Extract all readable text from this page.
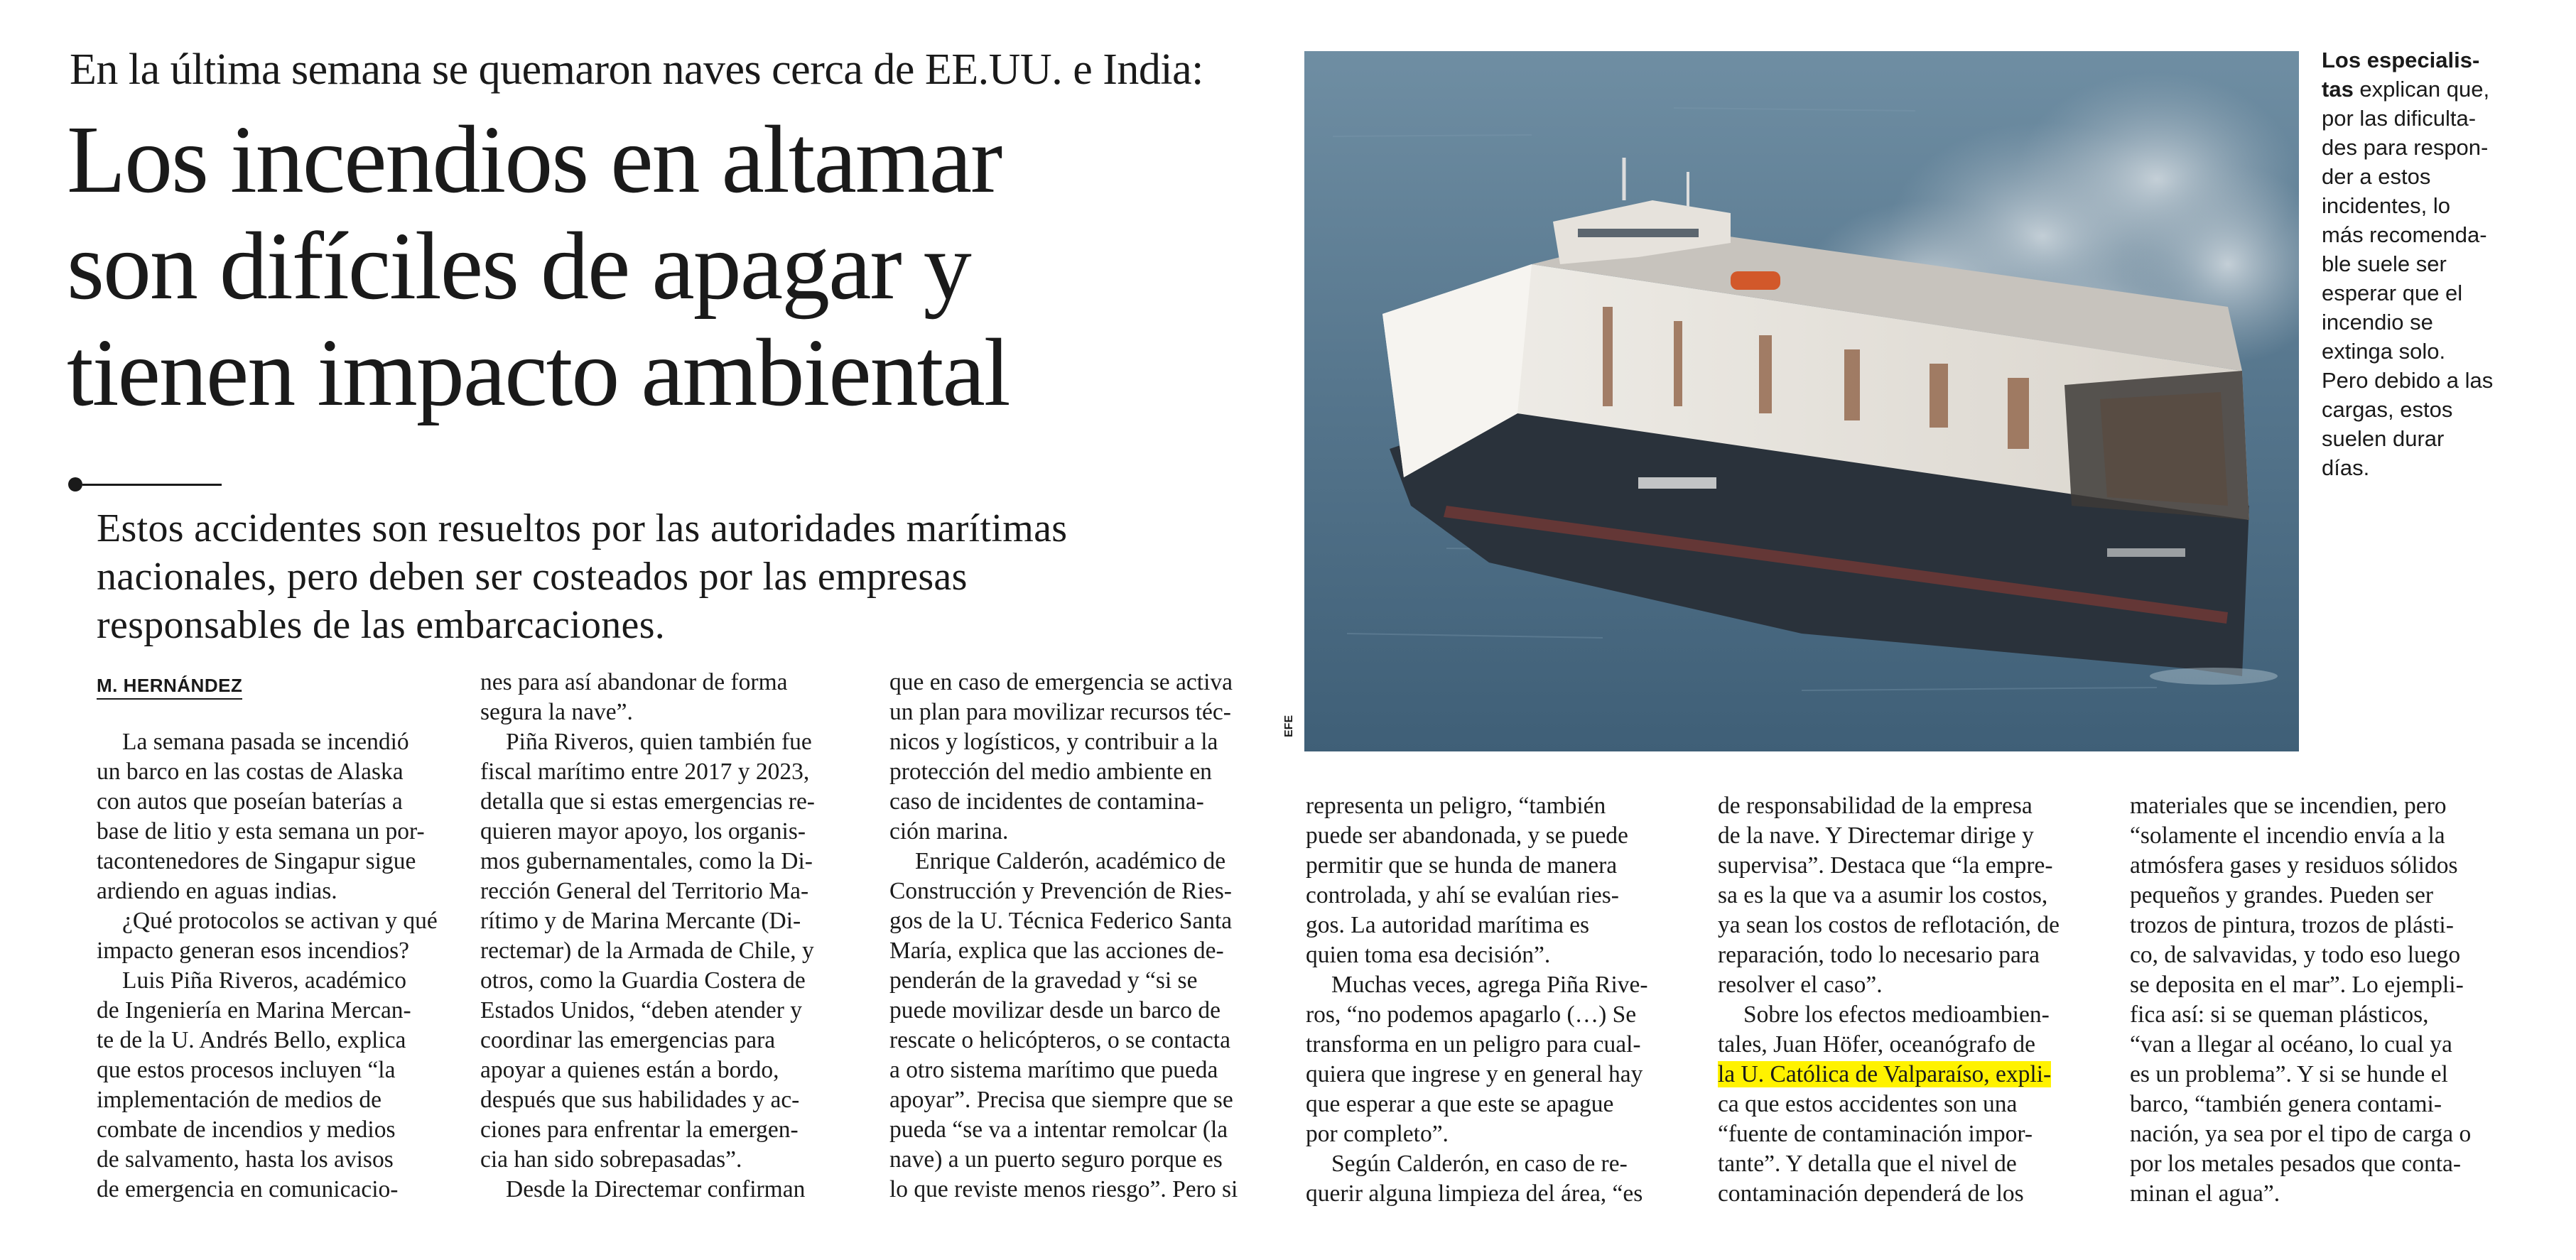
En la última semana se quemaron naves cerca de EE.UU. e India:
Los incendios en altamar
son difíciles de apagar y
tienen impacto ambiental
Estos accidentes son resueltos por las autoridades marítimas
nacionales, pero deben ser costeados por las empresas
responsables de las embarcaciones.
M. HERNÁNDEZ
La semana pasada se incendió
un barco en las costas de Alaska
con autos que poseían baterías a
base de litio y esta semana un por-
tacontenedores de Singapur sigue
ardiendo en aguas indias.
¿Qué protocolos se activan y qué
impacto generan esos incendios?
Luis Piña Riveros, académico
de Ingeniería en Marina Mercan-
te de la U. Andrés Bello, explica
que estos procesos incluyen “la
implementación de medios de
combate de incendios y medios
de salvamento, hasta los avisos
de emergencia en comunicacio-
nes para así abandonar de forma
segura la nave”.
Piña Riveros, quien también fue
fiscal marítimo entre 2017 y 2023,
detalla que si estas emergencias re-
quieren mayor apoyo, los organis-
mos gubernamentales, como la Di-
rección General del Territorio Ma-
rítimo y de Marina Mercante (Di-
rectemar) de la Armada de Chile, y
otros, como la Guardia Costera de
Estados Unidos, “deben atender y
coordinar las emergencias para
apoyar a quienes están a bordo,
después que sus habilidades y ac-
ciones para enfrentar la emergen-
cia han sido sobrepasadas”.
Desde la Directemar confirman
que en caso de emergencia se activa
un plan para movilizar recursos téc-
nicos y logísticos, y contribuir a la
protección del medio ambiente en
caso de incidentes de contamina-
ción marina.
Enrique Calderón, académico de
Construcción y Prevención de Ries-
gos de la U. Técnica Federico Santa
María, explica que las acciones de-
penderán de la gravedad y “si se
puede movilizar desde un barco de
rescate o helicópteros, o se contacta
a otro sistema marítimo que pueda
apoyar”. Precisa que siempre que se
pueda “se va a intentar remolcar (la
nave) a un puerto seguro porque es
lo que reviste menos riesgo”. Pero si
EFE
Los especialis-
tas explican que,
por las dificulta-
des para respon-
der a estos
incidentes, lo
más recomenda-
ble suele ser
esperar que el
incendio se
extinga solo.
Pero debido a las
cargas, estos
suelen durar
días.
representa un peligro, “también
puede ser abandonada, y se puede
permitir que se hunda de manera
controlada, y ahí se evalúan ries-
gos. La autoridad marítima es
quien toma esa decisión”.
Muchas veces, agrega Piña Rive-
ros, “no podemos apagarlo (…) Se
transforma en un peligro para cual-
quiera que ingrese y en general hay
que esperar a que este se apague
por completo”.
Según Calderón, en caso de re-
querir alguna limpieza del área, “es
de responsabilidad de la empresa
de la nave. Y Directemar dirige y
supervisa”. Destaca que “la empre-
sa es la que va a asumir los costos,
ya sean los costos de reflotación, de
reparación, todo lo necesario para
resolver el caso”.
Sobre los efectos medioambien-
tales, Juan Höfer, oceanógrafo de
la U. Católica de Valparaíso, expli-
ca que estos accidentes son una
“fuente de contaminación impor-
tante”. Y detalla que el nivel de
contaminación dependerá de los
materiales que se incendien, pero
“solamente el incendio envía a la
atmósfera gases y residuos sólidos
pequeños y grandes. Pueden ser
trozos de pintura, trozos de plásti-
co, de salvavidas, y todo eso luego
se deposita en el mar”. Lo ejempli-
fica así: si se queman plásticos,
“van a llegar al océano, lo cual ya
es un problema”. Y si se hunde el
barco, “también genera contami-
nación, ya sea por el tipo de carga o
por los metales pesados que conta-
minan el agua”.
